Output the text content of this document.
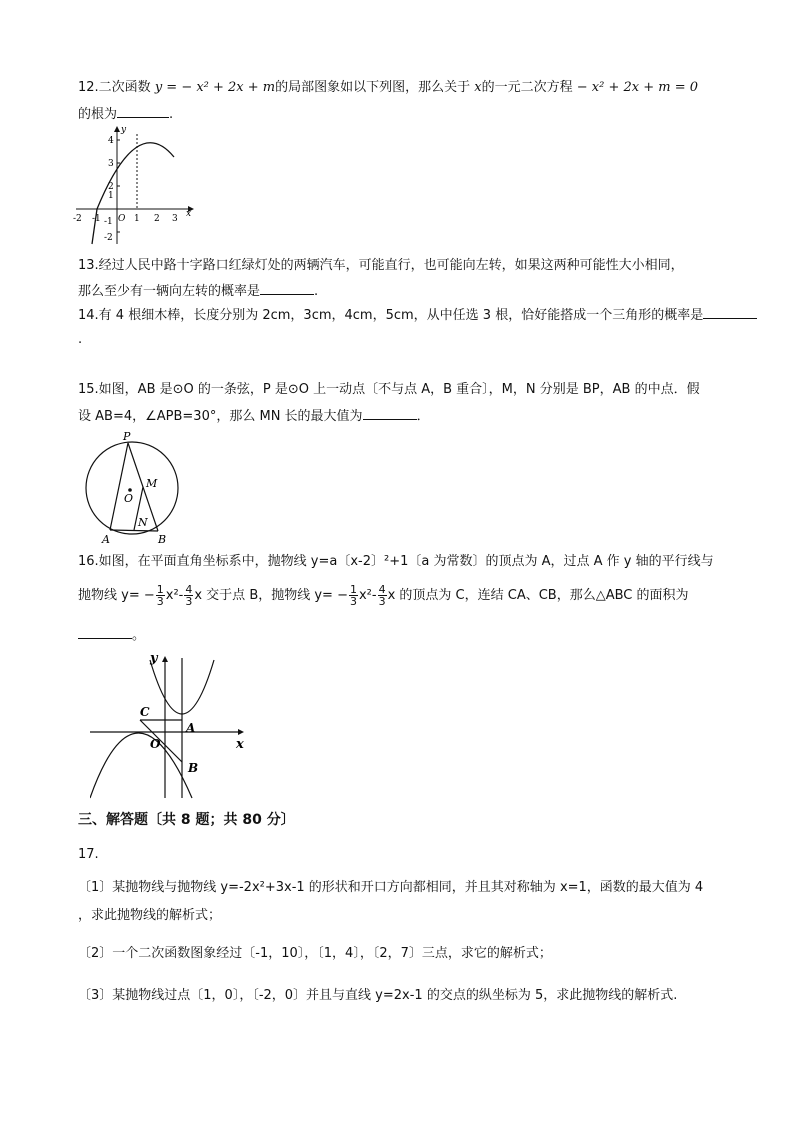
12.二次函数 y = − x² + 2x + m的局部图象如以下列图，那么关于 x的一元二次方程 − x² + 2x + m = 0
的根为	.
-2 -1 O 1 2 3 x
4
3
2
1
-1
-2
y
13.经过人民中路十字路口红绿灯处的两辆汽车，可能直行，也可能向左转，如果这两种可能性大小相同，
那么至少有一辆向左转的概率是	.
14.有 4 根细木棒，长度分别为 2cm，3cm，4cm，5cm，从中任选 3 根，恰好能搭成一个三角形的概率是
.
15.如图，AB 是⊙O 的一条弦，P 是⊙O 上一动点〔不与点 A，B 重合〕，M，N 分别是 BP，AB 的中点．假
设 AB=4，∠APB=30°，那么 MN 长的最大值为	．
P
M
O
N
A	B
16.如图，在平面直角坐标系中，抛物线 y=a〔x-2〕²+1〔a 为常数〕的顶点为 A，过点 A 作 y 轴的平行线与
抛物线 $y= - \frac{1}{3} x^2- \frac{4}{3}$ x 交于点 B，抛物线 $y= - \frac{1}{3} x^2- \frac{4}{3}$ x 的顶点为 C，连结 CA、CB，那么△ABC 的面积为
。
y
x
C
A
O
B
三、解答题〔共 8 题；共 80 分〕
17.
〔1〕某抛物线与抛物线 y=-2x²+3x-1 的形状和开口方向都相同，并且其对称轴为 x=1，函数的最大值为 4
，求此抛物线的解析式；
〔2〕一个二次函数图象经过〔-1，10〕，〔1，4〕，〔2，7〕三点，求它的解析式；
〔3〕某抛物线过点〔1，0〕，〔-2，0〕并且与直线 y=2x-1 的交点的纵坐标为 5，求此抛物线的解析式.
